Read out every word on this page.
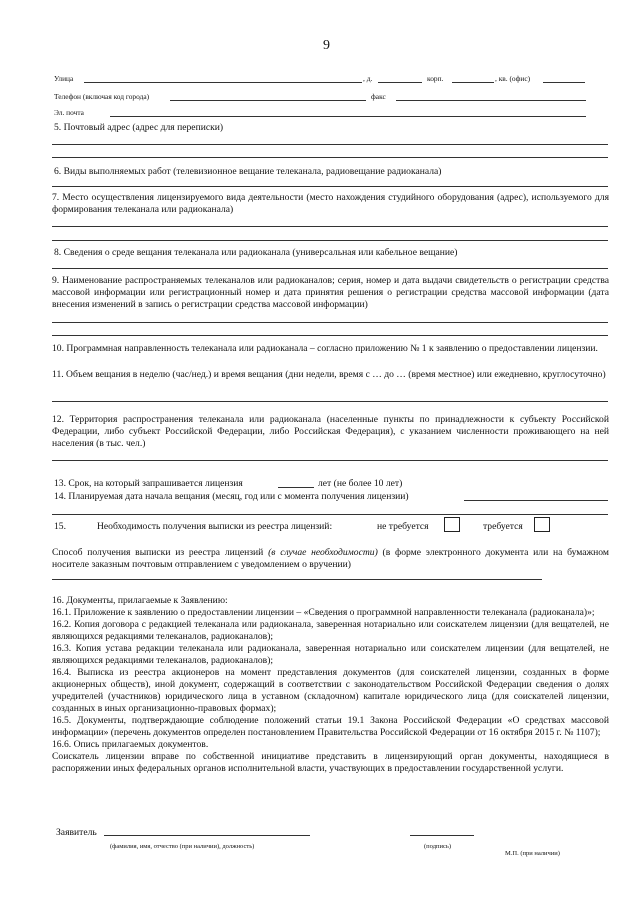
9
Улица	, д.	корп.	, кв. (офис)
Телефон (включая код города)	факс
Эл. почта
5. Почтовый адрес (адрес для переписки)
6. Виды выполняемых работ (телевизионное вещание телеканала, радиовещание радиоканала)
7. Место осуществления лицензируемого вида деятельности (место нахождения студийного оборудования (адрес), используемого для формирования телеканала или радиоканала)
8. Сведения о среде вещания телеканала или радиоканала (универсальная или кабельное вещание)
9. Наименование распространяемых телеканалов или радиоканалов; серия, номер и дата выдачи свидетельств о регистрации средства массовой информации или регистрационный номер и дата принятия решения о регистрации средства массовой информации (дата внесения изменений в запись о регистрации средства массовой информации)
10. Программная направленность телеканала или радиоканала – согласно приложению № 1 к заявлению о предоставлении лицензии.
11. Объем вещания в неделю (час/нед.) и время вещания (дни недели, время с … до … (время местное) или ежедневно, круглосуточно)
12. Территория распространения телеканала или радиоканала (населенные пункты по принадлежности к субъекту Российской Федерации, либо субъект Российской Федерации, либо Российская Федерация), с указанием численности проживающего на ней населения (в тыс. чел.)
13. Срок, на который запрашивается лицензия	лет (не более 10 лет)
14. Планируемая дата начала вещания (месяц, год или с момента получения лицензии)
15.	Необходимость получения выписки из реестра лицензий:	не требуется	требуется
Способ получения выписки из реестра лицензий (в случае необходимости) (в форме электронного документа или на бумажном носителе заказным почтовым отправлением с уведомлением о вручении)

16. Документы, прилагаемые к Заявлению:

16.1. Приложение к заявлению о предоставлении лицензии – «Сведения о программной направленности телеканала (радиоканала)»;

16.2. Копия договора с редакцией телеканала или радиоканала, заверенная нотариально или соискателем лицензии (для вещателей, не являющихся редакциями телеканалов, радиоканалов);

16.3. Копия устава редакции телеканала или радиоканала, заверенная нотариально или соискателем лицензии (для вещателей, не являющихся редакциями телеканалов, радиоканалов);

16.4. Выписка из реестра акционеров на момент представления документов (для соискателей лицензии, созданных в форме акционерных обществ), иной документ, содержащий в соответствии с законодательством Российской Федерации сведения о долях учредителей (участников) юридического лица в уставном (складочном) капитале юридического лица (для соискателей лицензии, созданных в иных организационно-правовых формах);

16.5. Документы, подтверждающие соблюдение положений статьи 19.1 Закона Российской Федерации «О средствах массовой информации» (перечень документов определен постановлением Правительства Российской Федерации от 16 октября 2015 г. № 1107);

16.6. Опись прилагаемых документов.

Соискатель лицензии вправе по собственной инициативе представить в лицензирующий орган документы, находящиеся в распоряжении иных федеральных органов исполнительной власти, участвующих в предоставлении государственной услуги.

Заявитель
(фамилия, имя, отчество (при наличии), должность)	(подпись)
М.П. (при наличии)
